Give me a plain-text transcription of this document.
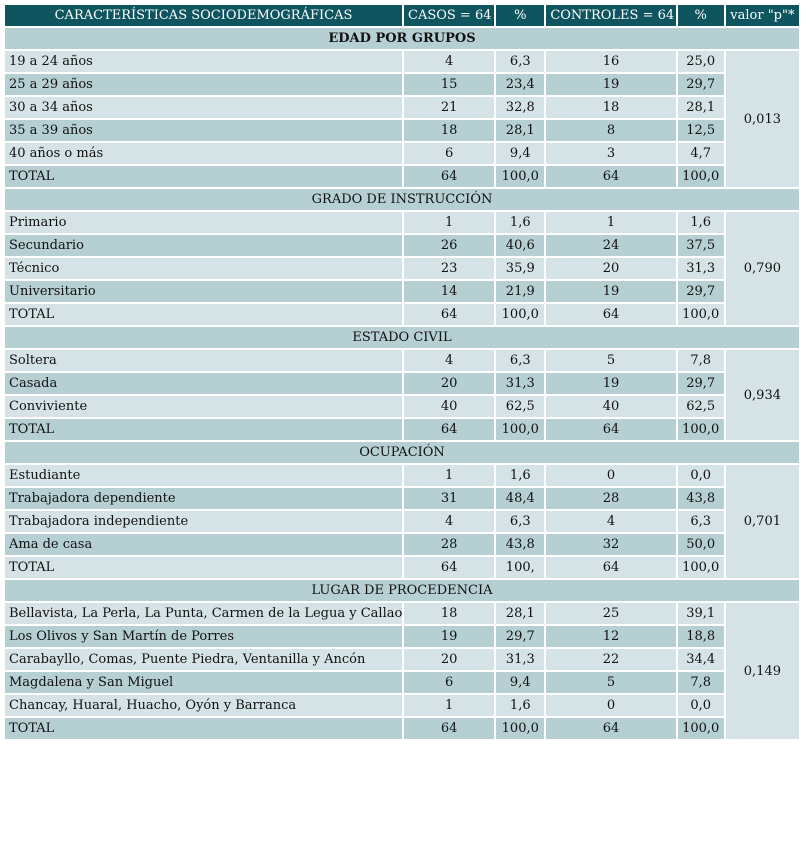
CARACTERÍSTICAS SOCIODEMOGRÁFICAS	CASOS = 64	%	CONTROLES = 64	%	valor "p"*
EDAD POR GRUPOS					
19 a 24 años	4	6,3	16	25,0	0,013
25 a 29 años	15	23,4	19	29,7	
30 a 34 años	21	32,8	18	28,1	
35 a 39 años	18	28,1	8	12,5	
40 años o más	6	9,4	3	4,7	
TOTAL	64	100,0	64	100,0	
GRADO DE INSTRUCCIÓN					
Primario	1	1,6	1	1,6	0,790
Secundario	26	40,6	24	37,5	
Técnico	23	35,9	20	31,3	
Universitario	14	21,9	19	29,7	
TOTAL	64	100,0	64	100,0	
ESTADO CIVIL					
Soltera	4	6,3	5	7,8	0,934
Casada	20	31,3	19	29,7	
Conviviente	40	62,5	40	62,5	
TOTAL	64	100,0	64	100,0	
OCUPACIÓN					
Estudiante	1	1,6	0	0,0	0,701
Trabajadora dependiente	31	48,4	28	43,8	
Trabajadora independiente	4	6,3	4	6,3	
Ama de casa	28	43,8	32	50,0	
TOTAL	64	100,	64	100,0	
LUGAR DE PROCEDENCIA					
Bellavista, La Perla, La Punta, Carmen de la Legua y Callao	18	28,1	25	39,1	0,149
Los Olivos y San Martín de Porres	19	29,7	12	18,8	
Carabayllo, Comas, Puente Piedra, Ventanilla y Ancón	20	31,3	22	34,4	
Magdalena y San Miguel	6	9,4	5	7,8	
Chancay, Huaral, Huacho, Oyón y Barranca	1	1,6	0	0,0	
TOTAL	64	100,0	64	100,0	
